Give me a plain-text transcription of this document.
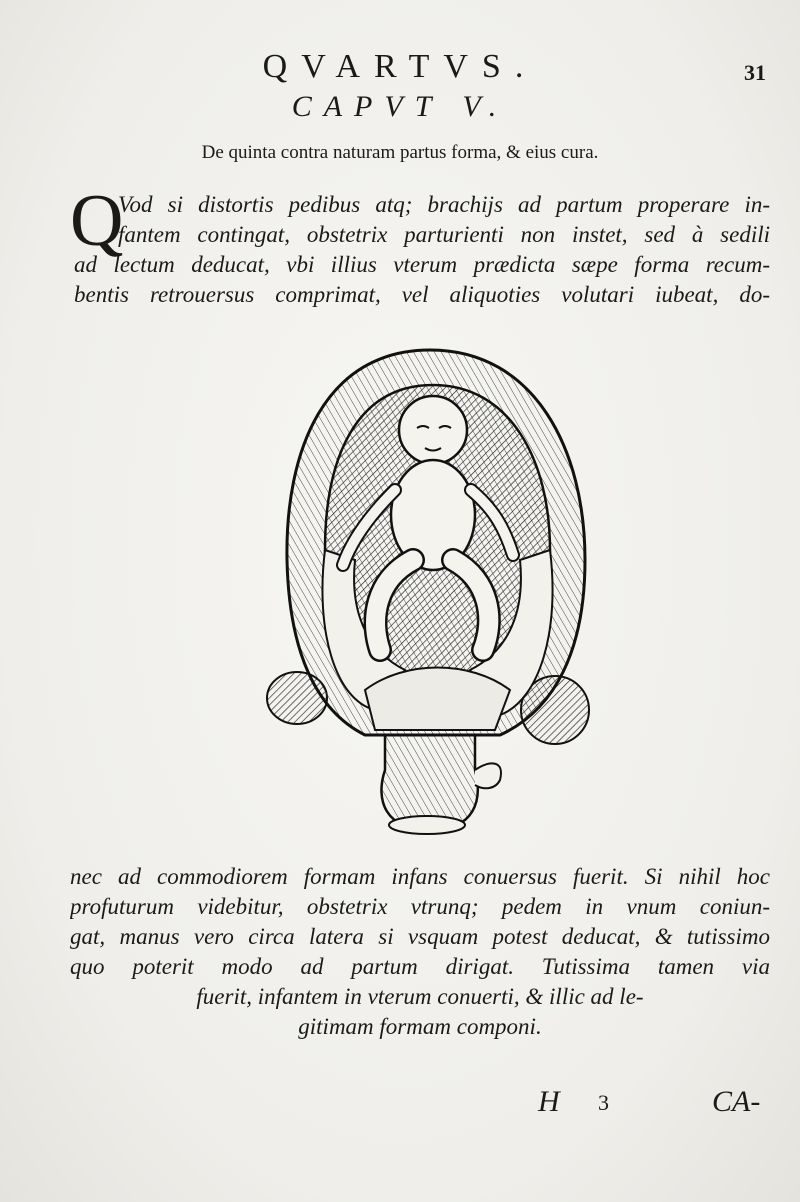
QVARTVS.	31
CAPVT V.
De quinta contra naturam partus forma, & eius cura.
Q
Vod si distortis pedibus atq; brachijs ad partum properare in-
fantem contingat, obstetrix parturienti non instet, sed à sedili
ad lectum deducat, vbi illius vterum prædicta sæpe forma recum-
bentis retrouersus comprimat, vel aliquoties volutari iubeat, do-
nec ad commodiorem formam infans conuersus fuerit. Si nihil hoc
profuturum videbitur, obstetrix vtrunq; pedem in vnum coniun-
gat, manus vero circa latera si vsquam potest deducat, & tutissimo
quo poterit modo ad partum dirigat. Tutissima tamen via
fuerit, infantem in vterum conuerti, & illic ad le-
gitimam formam componi.
H 3	CA-
